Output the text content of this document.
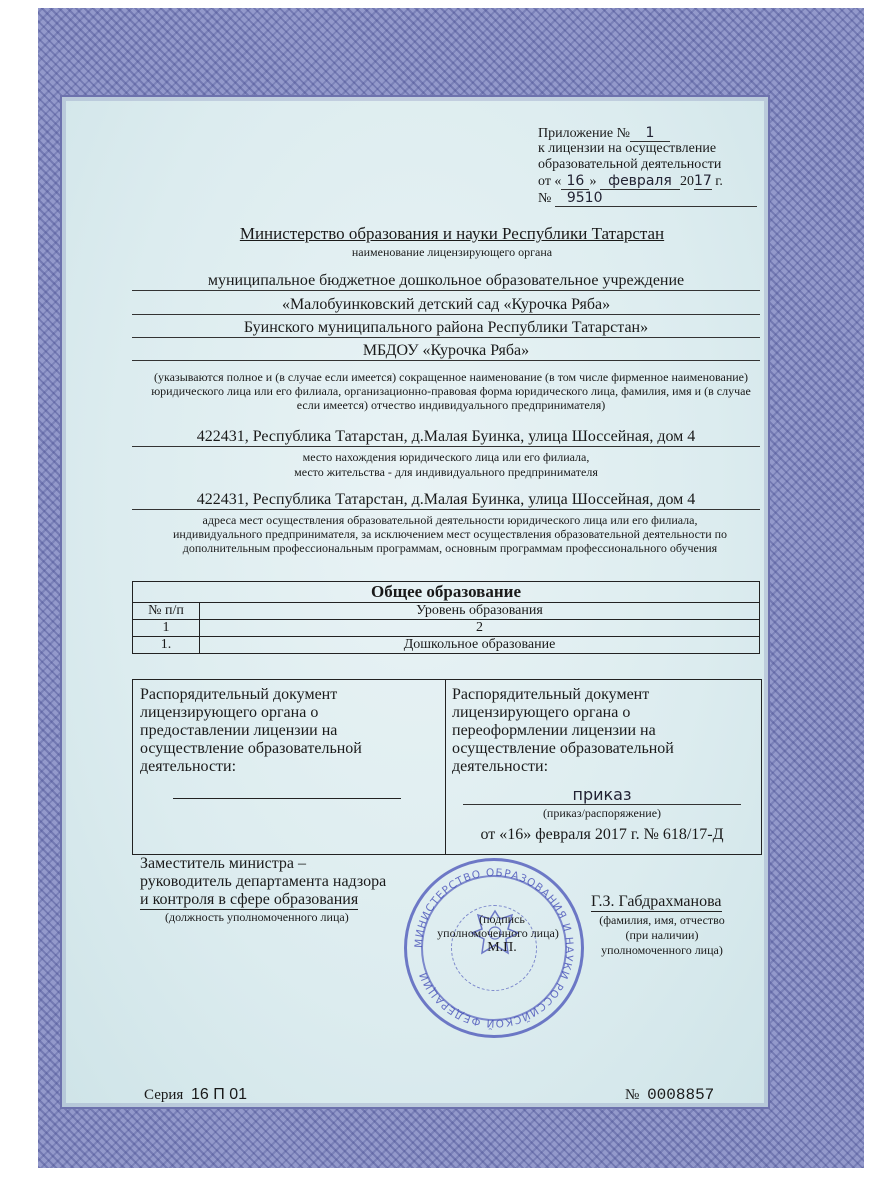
Приложение № 1
к лицензии на осуществление
образовательной деятельности
от « 16 » февраля 2017 г.
№ 9510
Министерство образования и науки Республики Татарстан
наименование лицензирующего органа
муниципальное бюджетное дошкольное образовательное учреждение
«Малобуинковский детский сад «Курочка Ряба»
Буинского муниципального района Республики Татарстан»
МБДОУ «Курочка Ряба»
(указываются полное и (в случае если имеется) сокращенное наименование (в том числе фирменное наименование) юридического лица или его филиала, организационно-правовая форма юридического лица, фамилия, имя и (в случае если имеется) отчество индивидуального предпринимателя)
422431, Республика Татарстан, д.Малая Буинка, улица Шоссейная, дом 4
место нахождения юридического лица или его филиала,
место жительства - для индивидуального предпринимателя
422431, Республика Татарстан, д.Малая Буинка, улица Шоссейная, дом 4
адреса мест осуществления образовательной деятельности юридического лица или его филиала, индивидуального предпринимателя, за исключением мест осуществления образовательной деятельности по дополнительным профессиональным программам, основным программам профессионального обучения
Общее образование	
№ п/п	Уровень образования
1	2
1.	Дошкольное образование
Распорядительный документ лицензирующего органа о предоставлении лицензии на осуществление образовательной деятельности:
Распорядительный документ лицензирующего органа о переоформлении лицензии на осуществление образовательной деятельности:
приказ
(приказ/распоряжение)
от «16» февраля 2017 г. № 618/17-Д
Заместитель министра –
руководитель департамента надзора
и контроля в сфере образования
(должность уполномоченного лица)
МИНИСТЕРСТВО ОБРАЗОВАНИЯ И НАУКИ РОССИЙСКОЙ ФЕДЕРАЦИИ
(подпись
уполномоченного лица)
М.П.
Г.З. Габдрахманова
(фамилия, имя, отчество
(при наличии)
уполномоченного лица)
Серия 16 П 01	№ 0008857
